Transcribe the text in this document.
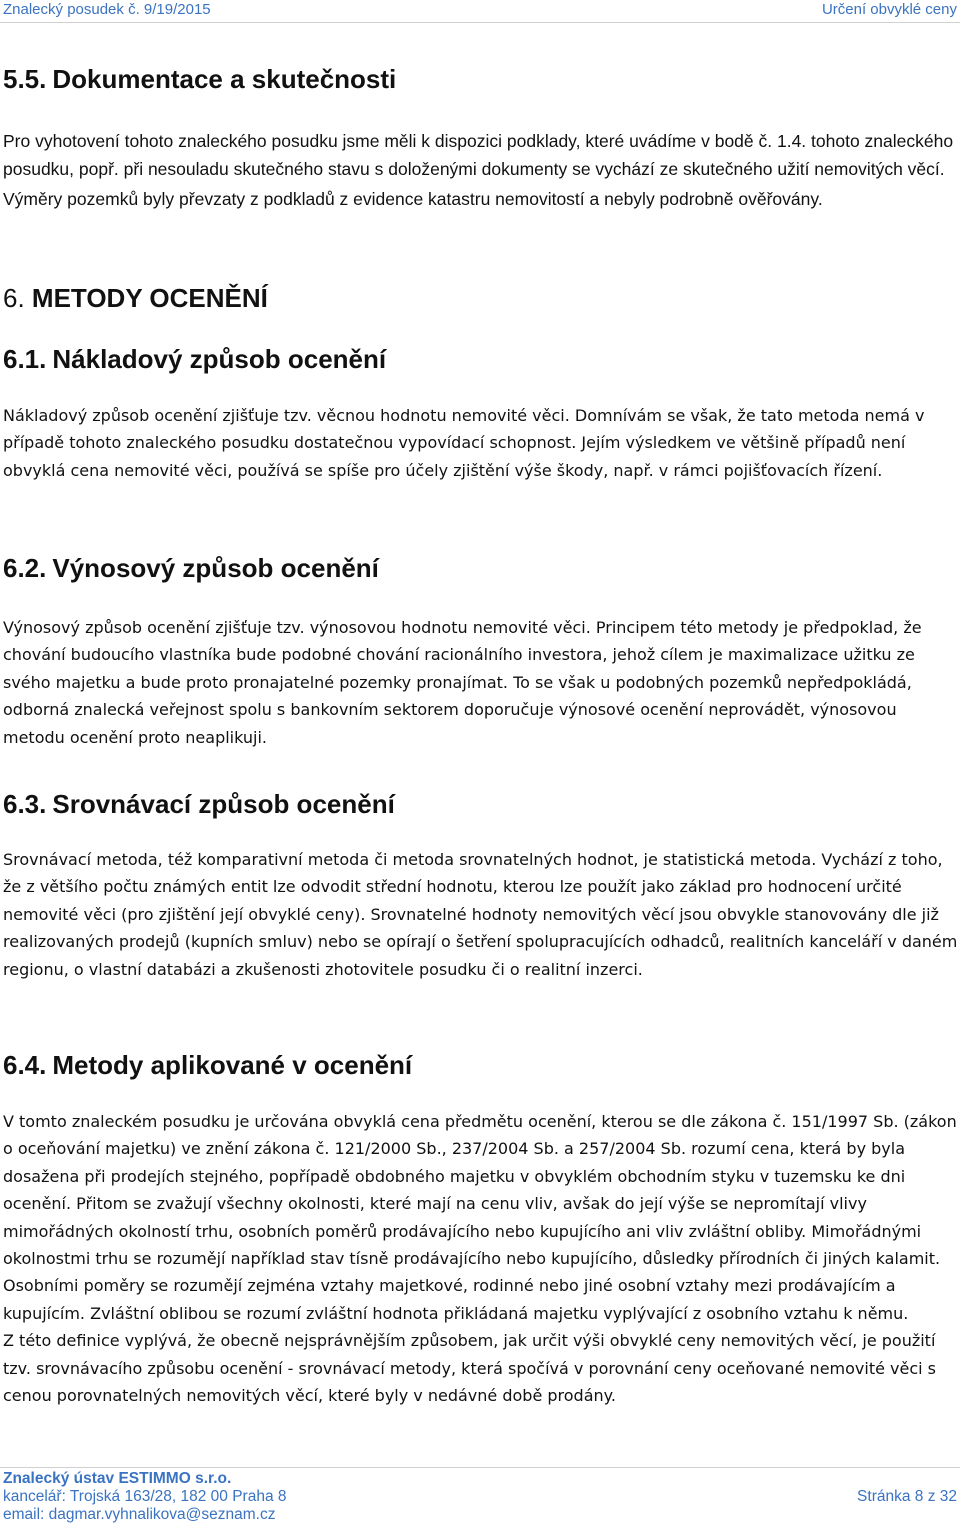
Znalecký posudek č. 9/19/2015	Určení obvyklé ceny
5.5. Dokumentace a skutečnosti

Pro vyhotovení tohoto znaleckého posudku jsme měli k dispozici podklady, které uvádíme v bodě č. 1.4. tohoto znaleckého posudku, popř. při nesouladu skutečného stavu s doloženými dokumenty se vychází ze skutečného užití nemovitých věcí.

Výměry pozemků byly převzaty z podkladů z evidence katastru nemovitostí a nebyly podrobně ověřovány.

6. METODY OCENĚNÍ
6.1. Nákladový způsob ocenění

Nákladový způsob ocenění zjišťuje tzv. věcnou hodnotu nemovité věci. Domnívám se však, že tato metoda nemá v případě tohoto znaleckého posudku dostatečnou vypovídací schopnost. Jejím výsledkem ve většině případů není obvyklá cena nemovité věci, používá se spíše pro účely zjištění výše škody, např. v rámci pojišťovacích řízení.

6.2. Výnosový způsob ocenění

Výnosový způsob ocenění zjišťuje tzv. výnosovou hodnotu nemovité věci. Principem této metody je předpoklad, že chování budoucího vlastníka bude podobné chování racionálního investora, jehož cílem je maximalizace užitku ze svého majetku a bude proto pronajatelné pozemky pronajímat. To se však u podobných pozemků nepředpokládá, odborná znalecká veřejnost spolu s bankovním sektorem doporučuje výnosové ocenění neprovádět, výnosovou metodu ocenění proto neaplikuji.

6.3. Srovnávací způsob ocenění

Srovnávací metoda, též komparativní metoda či metoda srovnatelných hodnot, je statistická metoda. Vychází z toho, že z většího počtu známých entit lze odvodit střední hodnotu, kterou lze použít jako základ pro hodnocení určité nemovité věci (pro zjištění její obvyklé ceny). Srovnatelné hodnoty nemovitých věcí jsou obvykle stanovovány dle již realizovaných prodejů (kupních smluv) nebo se opírají o šetření spolupracujících odhadců, realitních kanceláří v daném regionu, o vlastní databázi a zkušenosti zhotovitele posudku či o realitní inzerci.

6.4. Metody aplikované v ocenění

V tomto znaleckém posudku je určována obvyklá cena předmětu ocenění, kterou se dle zákona č. 151/1997 Sb. (zákon o oceňování majetku) ve znění zákona č. 121/2000 Sb., 237/2004 Sb. a 257/2004 Sb. rozumí cena, která by byla dosažena při prodejích stejného, popřípadě obdobného majetku v obvyklém obchodním styku v tuzemsku ke dni ocenění. Přitom se zvažují všechny okolnosti, které mají na cenu vliv, avšak do její výše se nepromítají vlivy mimořádných okolností trhu, osobních poměrů prodávajícího nebo kupujícího ani vliv zvláštní obliby. Mimořádnými okolnostmi trhu se rozumějí například stav tísně prodávajícího nebo kupujícího, důsledky přírodních či jiných kalamit. Osobními poměry se rozumějí zejména vztahy majetkové, rodinné nebo jiné osobní vztahy mezi prodávajícím a kupujícím. Zvláštní oblibou se rozumí zvláštní hodnota přikládaná majetku vyplývající z osobního vztahu k němu.

Z této definice vyplývá, že obecně nejsprávnějším způsobem, jak určit výši obvyklé ceny nemovitých věcí, je použití tzv. srovnávacího způsobu ocenění - srovnávací metody, která spočívá v porovnání ceny oceňované nemovité věci s cenou porovnatelných nemovitých věcí, které byly v nedávné době prodány.

Znalecký ústav ESTIMMO s.r.o.
kancelář: Trojská 163/28, 182 00 Praha 8
email: dagmar.vyhnalikova@seznam.cz
Stránka 8 z 32
